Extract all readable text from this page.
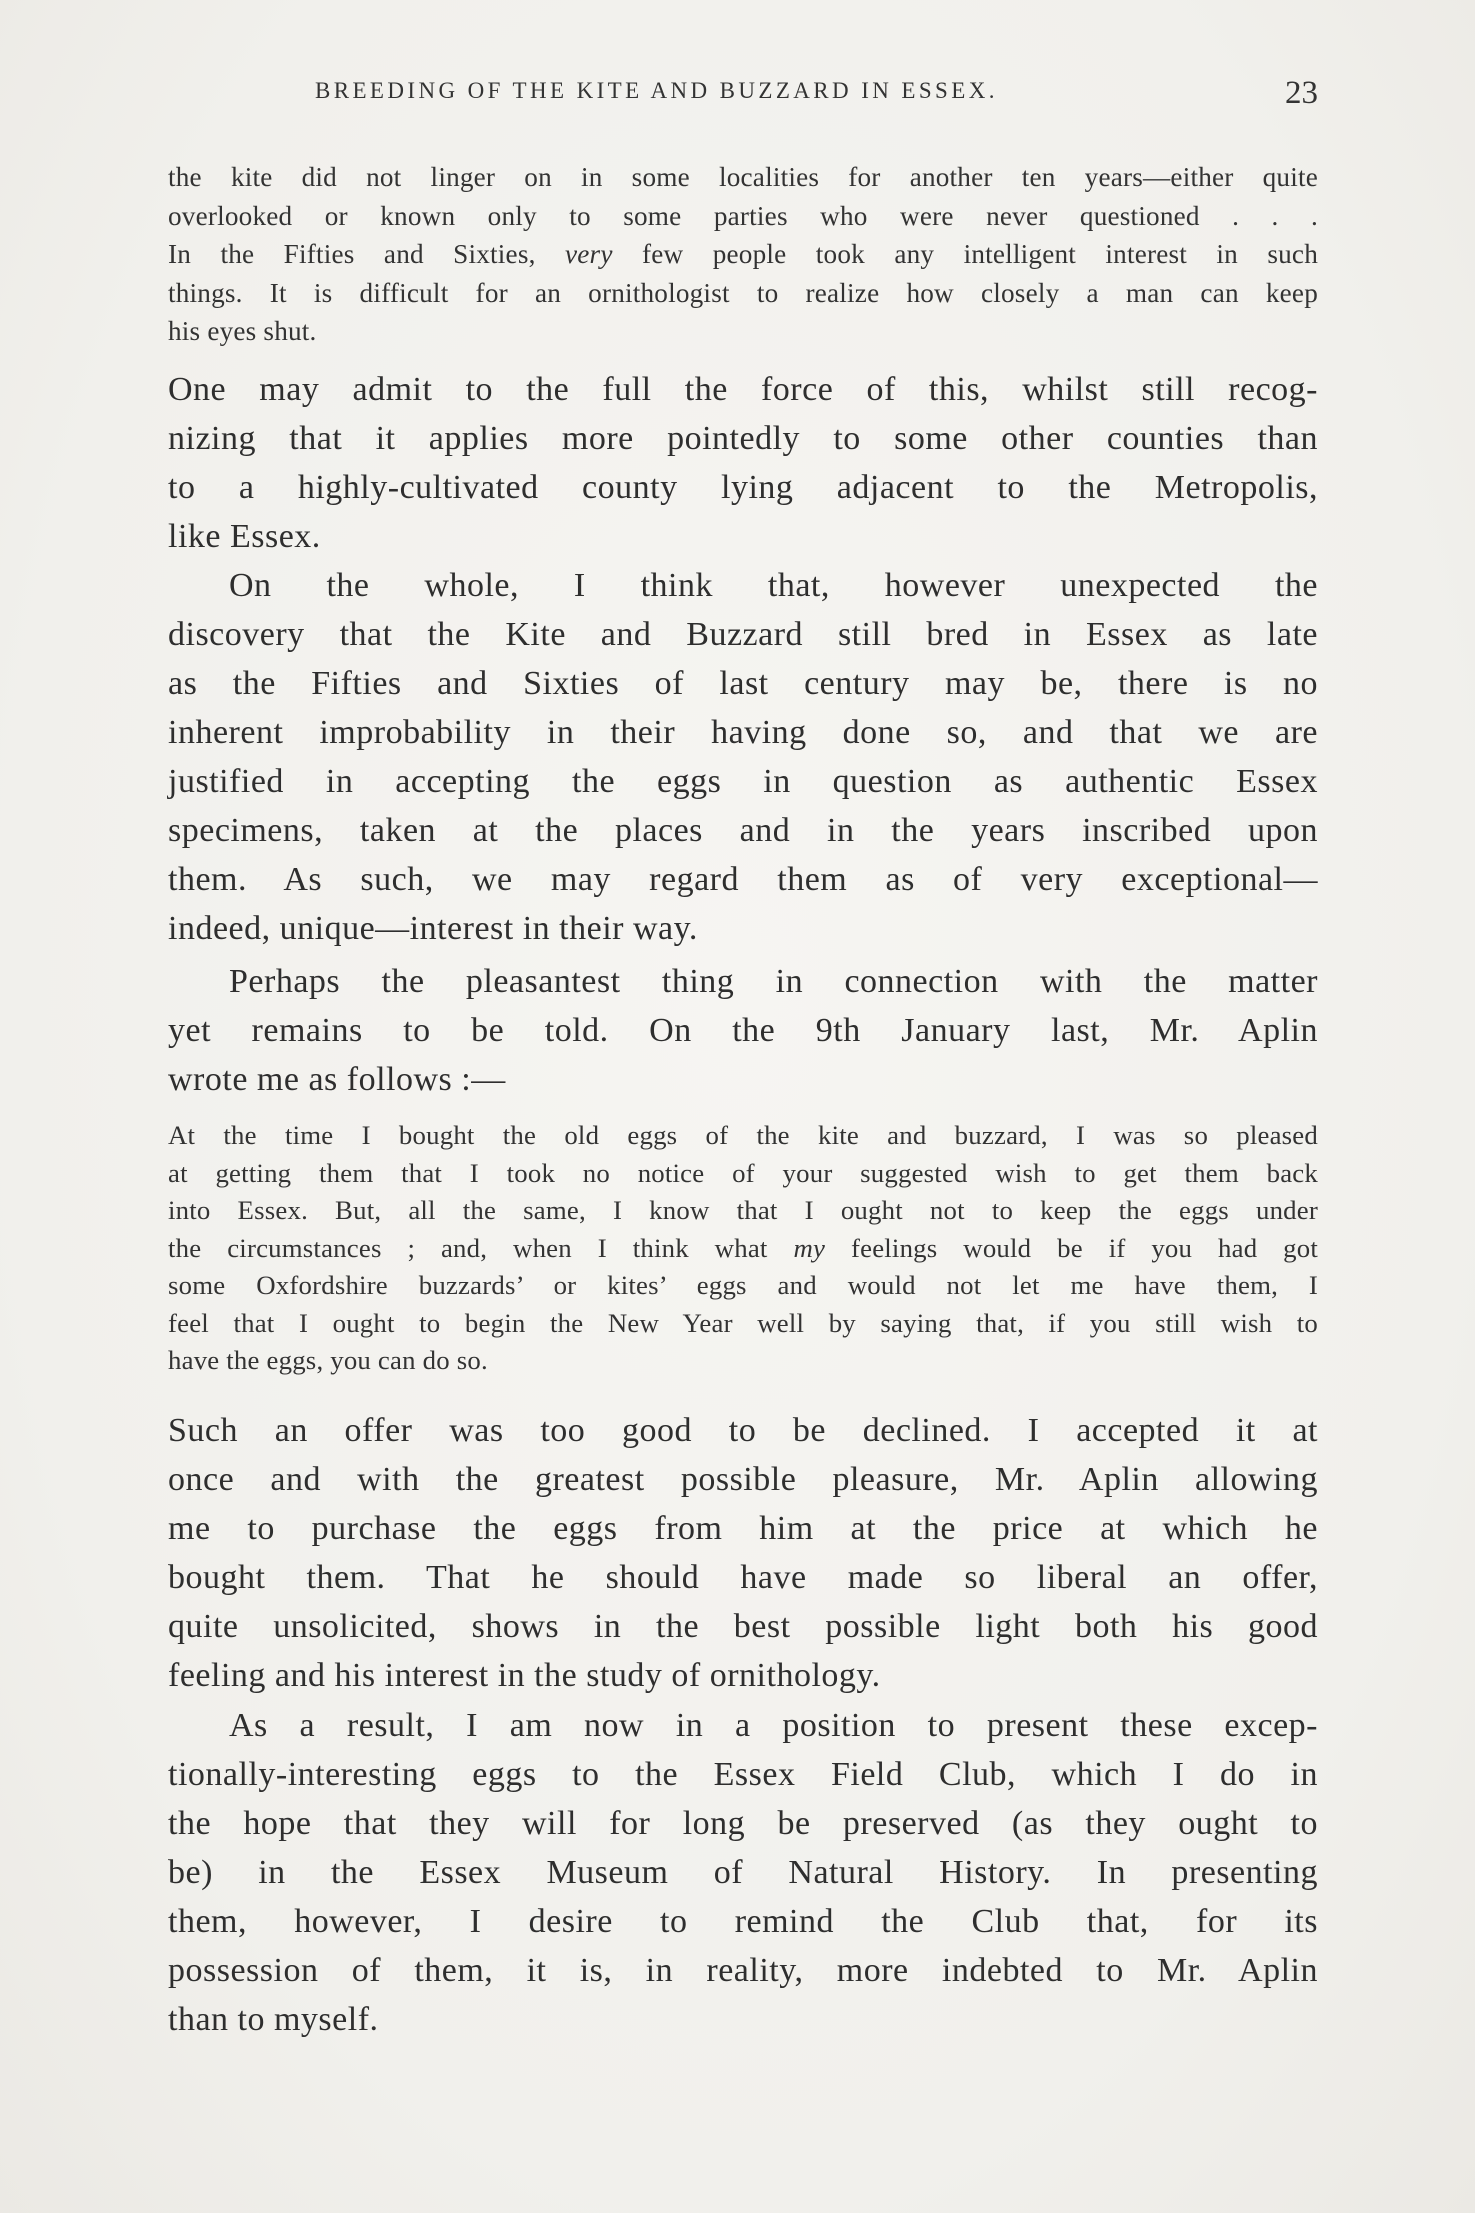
BREEDING OF THE KITE AND BUZZARD IN ESSEX.	23
the kite did not linger on in some localities for another ten years—either quite
overlooked or known only to some parties who were never questioned . . .
In the Fifties and Sixties, very few people took any intelligent interest in such
things. It is difficult for an ornithologist to realize how closely a man can keep
his eyes shut.
One may admit to the full the force of this, whilst still recog-
nizing that it applies more pointedly to some other counties than
to a highly-cultivated county lying adjacent to the Metropolis,
like Essex.
On the whole, I think that, however unexpected the
discovery that the Kite and Buzzard still bred in Essex as late
as the Fifties and Sixties of last century may be, there is no
inherent improbability in their having done so, and that we are
justified in accepting the eggs in question as authentic Essex
specimens, taken at the places and in the years inscribed upon
them. As such, we may regard them as of very exceptional—
indeed, unique—interest in their way.
Perhaps the pleasantest thing in connection with the matter
yet remains to be told. On the 9th January last, Mr. Aplin
wrote me as follows :—
At the time I bought the old eggs of the kite and buzzard, I was so pleased
at getting them that I took no notice of your suggested wish to get them back
into Essex. But, all the same, I know that I ought not to keep the eggs under
the circumstances ; and, when I think what my feelings would be if you had got
some Oxfordshire buzzards’ or kites’ eggs and would not let me have them, I
feel that I ought to begin the New Year well by saying that, if you still wish to
have the eggs, you can do so.
Such an offer was too good to be declined. I accepted it at
once and with the greatest possible pleasure, Mr. Aplin allowing
me to purchase the eggs from him at the price at which he
bought them. That he should have made so liberal an offer,
quite unsolicited, shows in the best possible light both his good
feeling and his interest in the study of ornithology.
As a result, I am now in a position to present these excep-
tionally-interesting eggs to the Essex Field Club, which I do in
the hope that they will for long be preserved (as they ought to
be) in the Essex Museum of Natural History. In presenting
them, however, I desire to remind the Club that, for its
possession of them, it is, in reality, more indebted to Mr. Aplin
than to myself.
